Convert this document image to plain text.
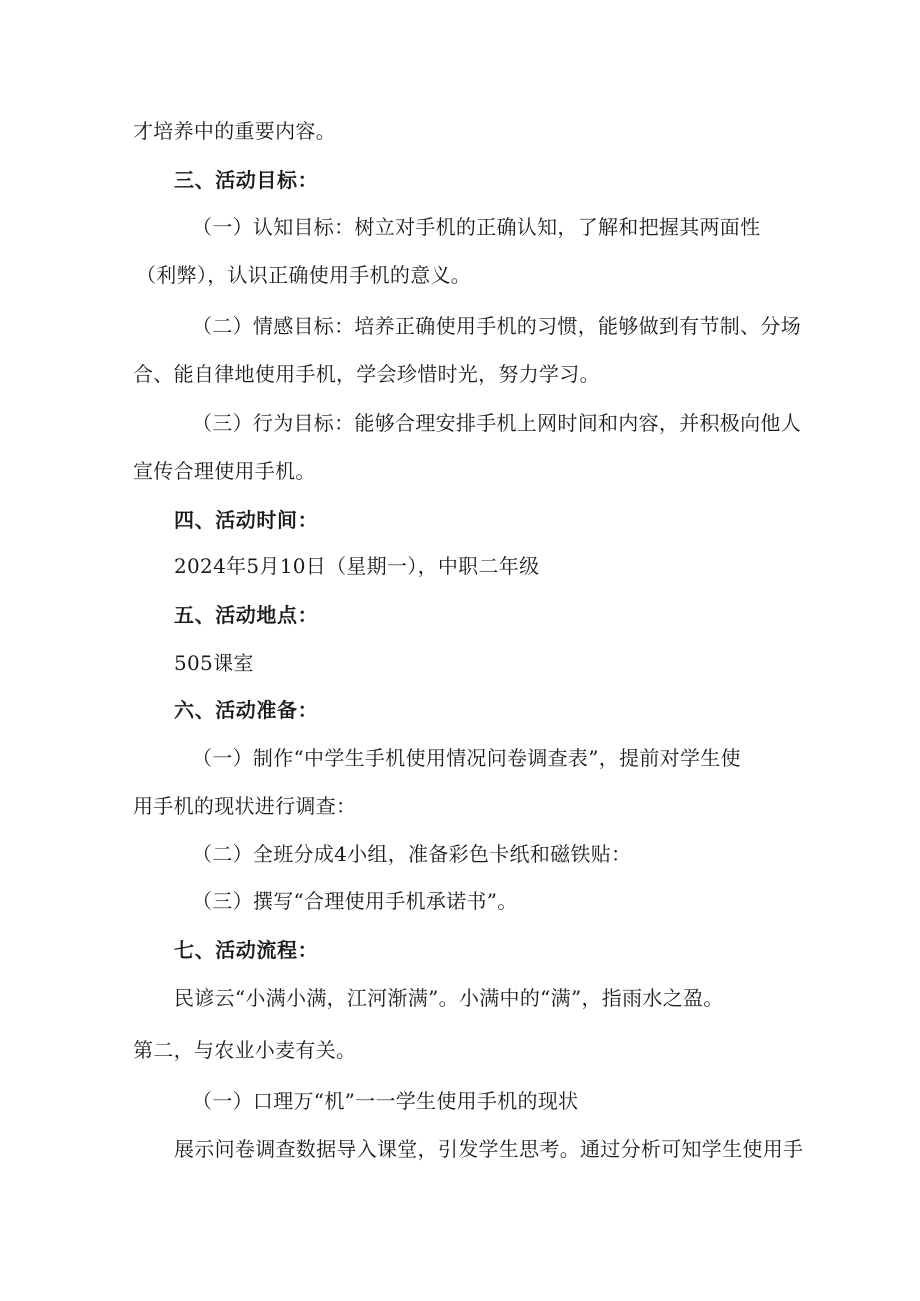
才培养中的重要内容。
三、活动目标：
（一）认知目标：树立对手机的正确认知，了解和把握其两面性
（利弊），认识正确使用手机的意义。
（二）情感目标：培养正确使用手机的习惯，能够做到有节制、分场
合、能自律地使用手机，学会珍惜时光，努力学习。
（三）行为目标：能够合理安排手机上网时间和内容，并积极向他人
宣传合理使用手机。
四、活动时间：
2024年5月10日（星期一），中职二年级
五、活动地点：
505课室
六、活动准备：
（一）制作“中学生手机使用情况问卷调查表”，提前对学生使
用手机的现状进行调查：
（二）全班分成4小组，准备彩色卡纸和磁铁贴：
（三）撰写“合理使用手机承诺书”。
七、活动流程：
民谚云“小满小满，江河渐满”。小满中的“满”，指雨水之盈。
第二，与农业小麦有关。
（一）口理万“机”一一学生使用手机的现状
展示问卷调查数据导入课堂，引发学生思考。通过分析可知学生使用手
